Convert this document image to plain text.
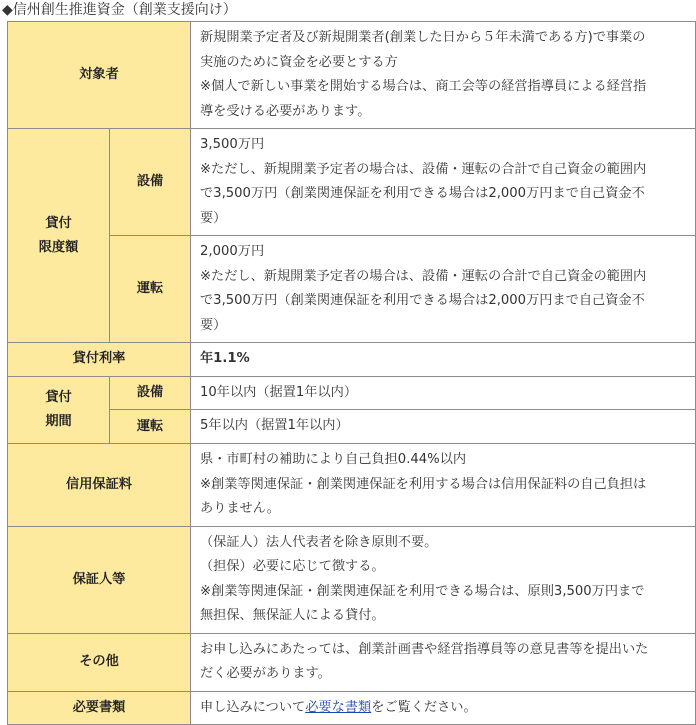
◆信州創生推進資金（創業支援向け）
対象者		新規開業予定者及び新規開業者(創業した日から５年未満である方)で事業の
実施のために資金を必要とする方
※個人で新しい事業を開始する場合は、商工会等の経営指導員による経営指
導を受ける必要があります。

貸付
限度額	設備	3,500万円
※ただし、新規開業予定者の場合は、設備・運転の合計で自己資金の範囲内
で3,500万円（創業関連保証を利用できる場合は2,000万円まで自己資金不
要）

	運転	2,000万円
※ただし、新規開業予定者の場合は、設備・運転の合計で自己資金の範囲内
で3,500万円（創業関連保証を利用できる場合は2,000万円まで自己資金不
要）

貸付利率		年1.1%

貸付
期間	設備	10年以内（据置1年以内）
	運転	5年以内（据置1年以内）
信用保証料		県・市町村の補助により自己負担0.44%以内
※創業等関連保証・創業関連保証を利用する場合は信用保証料の自己負担は
ありません。

保証人等		（保証人）法人代表者を除き原則不要。
（担保）必要に応じて徴する。
※創業等関連保証・創業関連保証を利用できる場合は、原則3,500万円まで
無担保、無保証人による貸付。

その他		お申し込みにあたっては、創業計画書や経営指導員等の意見書等を提出いた
だく必要があります。

必要書類		申し込みについて必要な書類をご覧ください。
